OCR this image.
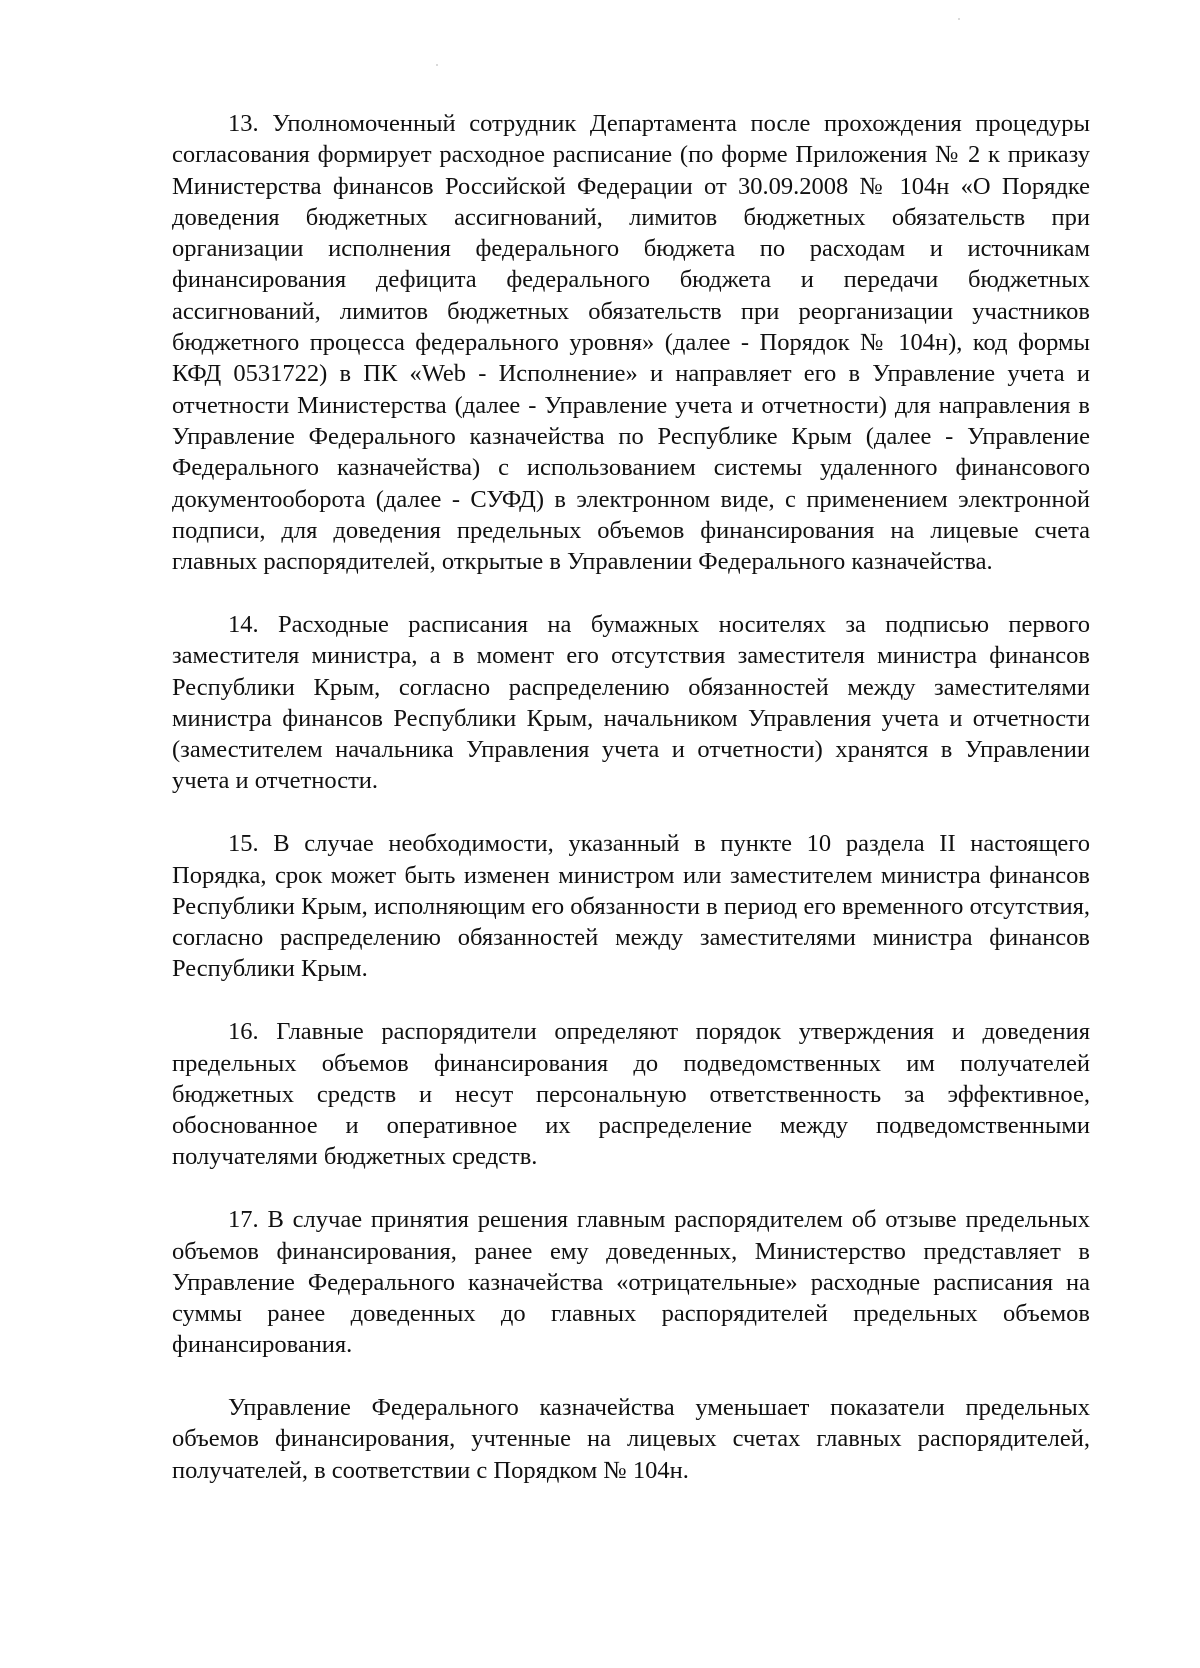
13. Уполномоченный сотрудник Департамента после прохождения процедуры согласования формирует расходное расписание (по форме Приложения № 2 к приказу Министерства финансов Российской Федерации от 30.09.2008 № 104н «О Порядке доведения бюджетных ассигнований, лимитов бюджетных обязательств при организации исполнения федерального бюджета по расходам и источникам финансирования дефицита федерального бюджета и передачи бюджетных ассигнований, лимитов бюджетных обязательств при реорганизации участников бюджетного процесса федерального уровня» (далее - Порядок № 104н), код формы КФД 0531722) в ПК «Web - Исполнение» и направляет его в Управление учета и отчетности Министерства (далее - Управление учета и отчетности) для направления в Управление Федерального казначейства по Республике Крым (далее - Управление Федерального казначейства) с использованием системы удаленного финансового документооборота (далее - СУФД) в электронном виде, с применением электронной подписи, для доведения предельных объемов финансирования на лицевые счета главных распорядителей, открытые в Управлении Федерального казначейства.

14. Расходные расписания на бумажных носителях за подписью первого заместителя министра, а в момент его отсутствия заместителя министра финансов Республики Крым, согласно распределению обязанностей между заместителями министра финансов Республики Крым, начальником Управления учета и отчетности (заместителем начальника Управления учета и отчетности) хранятся в Управлении учета и отчетности.

15. В случае необходимости, указанный в пункте 10 раздела II настоящего Порядка, срок может быть изменен министром или заместителем министра финансов Республики Крым, исполняющим его обязанности в период его временного отсутствия, согласно распределению обязанностей между заместителями министра финансов Республики Крым.

16. Главные распорядители определяют порядок утверждения и доведения предельных объемов финансирования до подведомственных им получателей бюджетных средств и несут персональную ответственность за эффективное, обоснованное и оперативное их распределение между подведомственными получателями бюджетных средств.

17. В случае принятия решения главным распорядителем об отзыве предельных объемов финансирования, ранее ему доведенных, Министерство представляет в Управление Федерального казначейства «отрицательные» расходные расписания на суммы ранее доведенных до главных распорядителей предельных объемов финансирования.

Управление Федерального казначейства уменьшает показатели предельных объемов финансирования, учтенные на лицевых счетах главных распорядителей, получателей, в соответствии с Порядком № 104н.
